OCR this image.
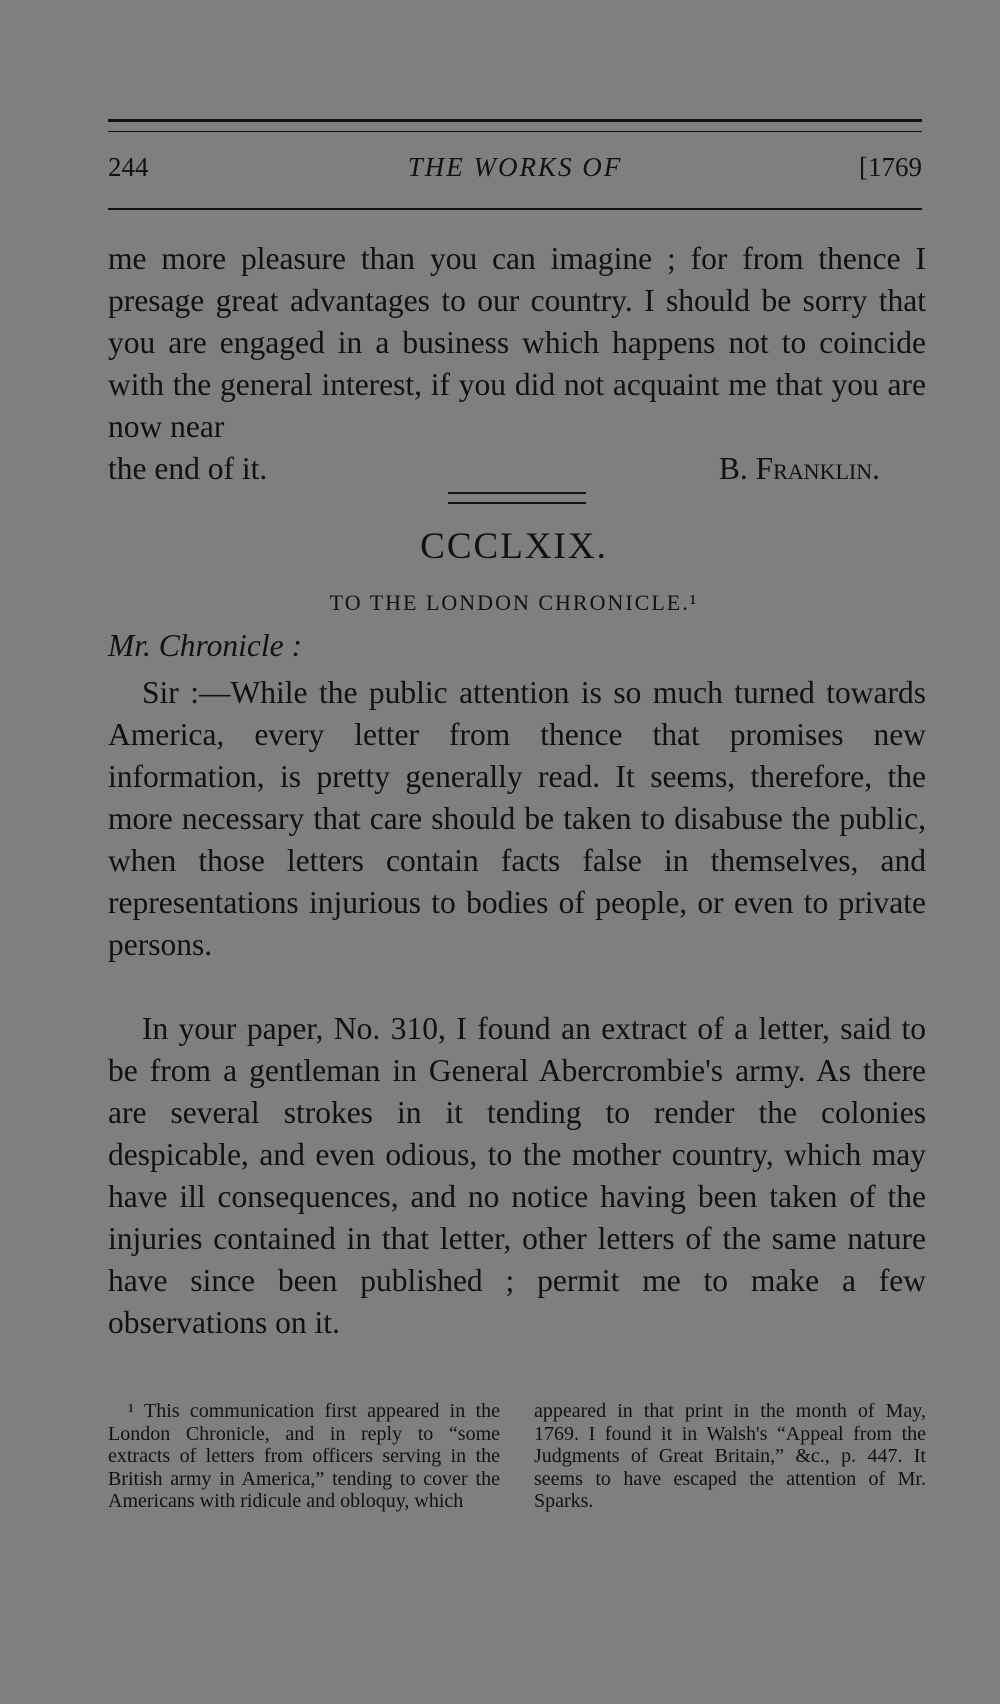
244	THE WORKS OF	[1769

me more pleasure than you can imagine ; for from thence I presage great advantages to our country. I should be sorry that you are engaged in a business which happens not to coincide with the general interest, if you did not acquaint me that you are now near

the end of it.	B. Franklin.
CCCLXIX.
TO THE LONDON CHRONICLE.¹
Mr. Chronicle :

Sir :—While the public attention is so much turned towards America, every letter from thence that promises new information, is pretty generally read. It seems, therefore, the more necessary that care should be taken to disabuse the public, when those letters contain facts false in themselves, and representations injurious to bodies of people, or even to private persons.

In your paper, No. 310, I found an extract of a letter, said to be from a gentleman in General Abercrombie's army. As there are several strokes in it tending to render the colonies despicable, and even odious, to the mother country, which may have ill consequences, and no notice having been taken of the injuries contained in that letter, other letters of the same nature have since been published ; permit me to make a few observations on it.

¹ This communication first appeared in the London Chronicle, and in reply to “some extracts of letters from officers serving in the British army in America,” tending to cover the Americans with ridicule and obloquy, which
appeared in that print in the month of May, 1769. I found it in Walsh's “Appeal from the Judgments of Great Britain,” &c., p. 447. It seems to have escaped the attention of Mr. Sparks.
